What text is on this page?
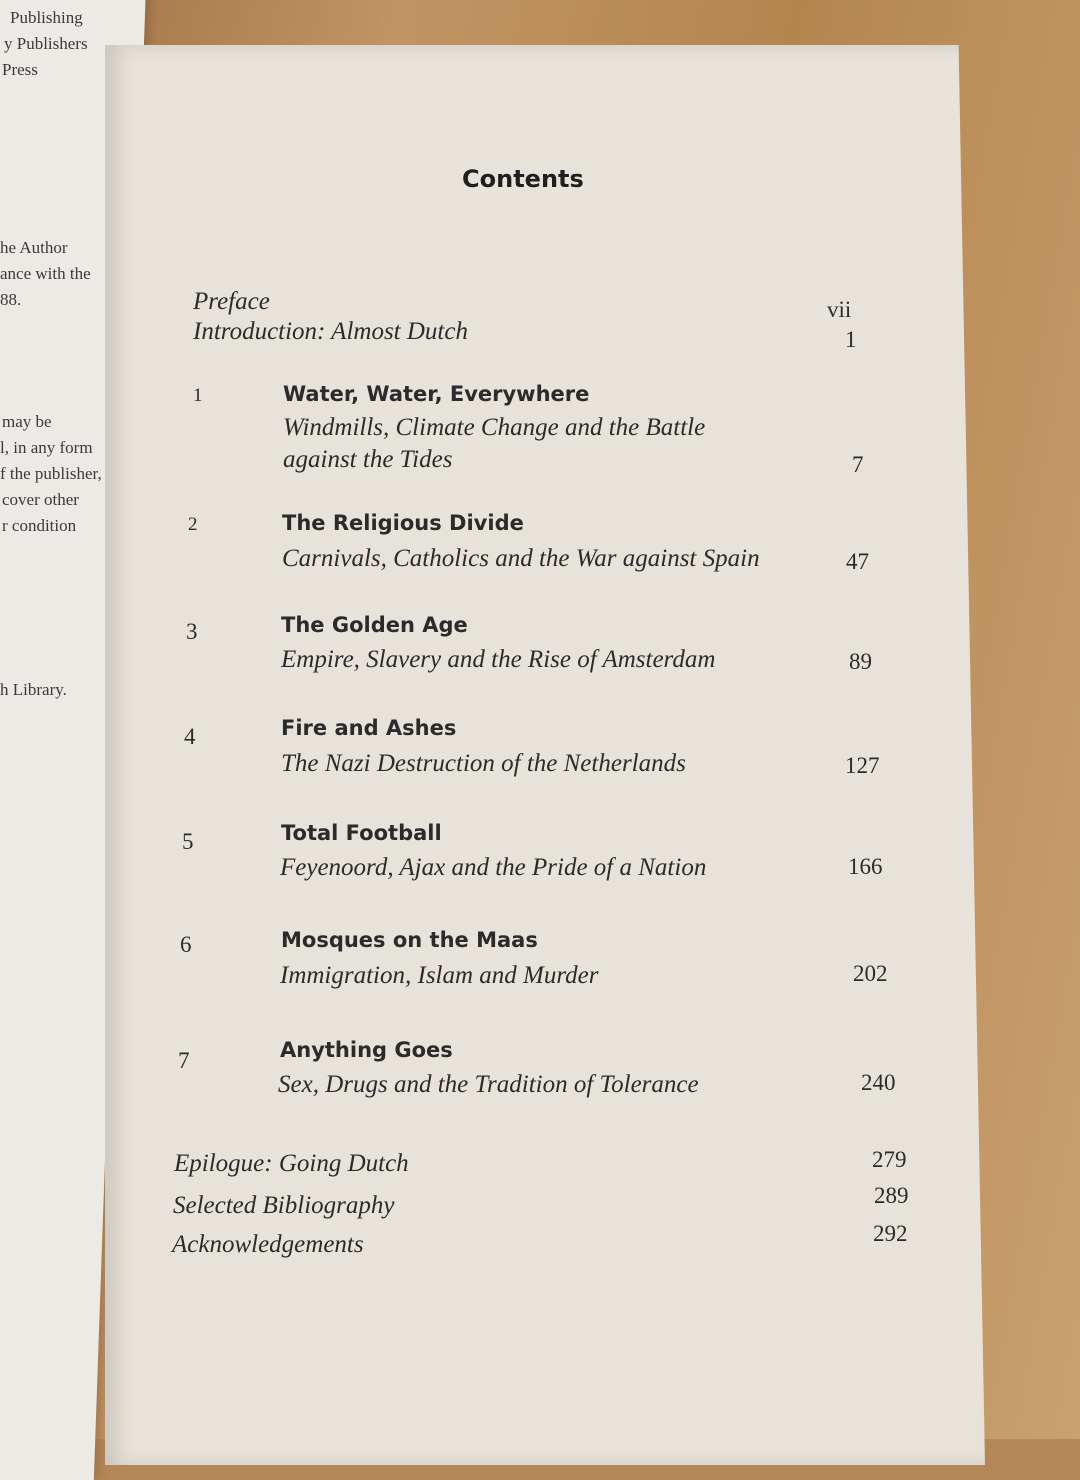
Publishing
y Publishers
Press
he Author
ance with the
88.
may be
l, in any form
f the publisher,
cover other
r condition
h Library.
Contents
Preface	vii
Introduction: Almost Dutch	1
1	Water, Water, Everywhere
Windmills, Climate Change and the Battle
against the Tides	7
2	The Religious Divide
Carnivals, Catholics and the War against Spain	47
3	The Golden Age
Empire, Slavery and the Rise of Amsterdam	89
4	Fire and Ashes
The Nazi Destruction of the Netherlands	127
5	Total Football
Feyenoord, Ajax and the Pride of a Nation	166
6	Mosques on the Maas
Immigration, Islam and Murder	202
7	Anything Goes
Sex, Drugs and the Tradition of Tolerance	240
Epilogue: Going Dutch	279
Selected Bibliography	289
Acknowledgements	292
